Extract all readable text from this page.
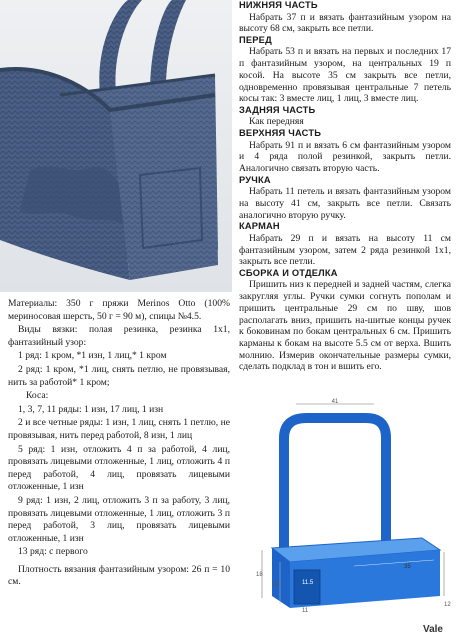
Материалы: 350 г пряжи Merinos Otto (100% мериносовая шерсть, 50 г = 90 м), спицы №4.5.

Виды вязки: полая резинка, резинка 1x1, фантазийный узор:

1 ряд: 1 кром, *1 изн, 1 лиц,* 1 кром

2 ряд: 1 кром, *1 лиц, снять петлю, не провязывая, нить за работой* 1 кром;

Коса:

1, 3, 7, 11 ряды: 1 изн, 17 лиц, 1 изн

2 и все четные ряды: 1 изн, 1 лиц, снять 1 петлю, не провязывая, нить перед работой, 8 изн, 1 лиц

5 ряд: 1 изн, отложить 4 п за работой, 4 лиц, провязать лицевыми отложенные, 1 лиц, отложить 4 п перед работой, 4 лиц, провязать лицевыми отложенные, 1 изн

9 ряд: 1 изн, 2 лиц, отложить 3 п за работу, 3 лиц, провязать лицевыми отложенные, 1 лиц, отложить 3 п перед работой, 3 лиц, провязать лицевыми отложенные, 1 изн

13 ряд: с первого

Плотность вязания фантазийным узором: 26 п = 10 см.

НИЖНЯЯ ЧАСТЬ

Набрать 37 п и вязать фантазийным узором на высоту 68 см, закрыть все петли.

ПЕРЕД

Набрать 53 п и вязать на первых и последних 17 п фантазийным узором, на центральных 19 п косой. На высоте 35 см закрыть все петли, одновременно провязывая центральные 7 петель косы так: 3 вместе лиц, 1 лиц, 3 вместе лиц.

ЗАДНЯЯ ЧАСТЬ

Как передняя

ВЕРХНЯЯ ЧАСТЬ

Набрать 91 п и вязать 6 см фантазийным узором и 4 ряда полой резинкой, закрыть петли. Аналогично связать вторую часть.

РУЧКА

Набрать 11 петель и вязать фантазийным узором на высоту 41 см, закрыть все петли. Связать аналогично вторую ручку.

КАРМАН

Набрать 29 п и вязать на высоту 11 см фантазийным узором, затем 2 ряда резинкой 1x1, закрыть все петли.

СБОРКА И ОТДЕЛКА

Пришить низ к передней и задней частям, слегка закругляя углы. Ручки сумки согнуть пополам и пришить центральные 29 см по шву, шов располагать вниз, пришить на-шитые концы ручек к боковинам по бокам центральных 6 см. Пришить карманы к бокам на высоте 5.5 см от верха. Вшить молнию. Измерив окончательные размеры сумки, сделать подклад в тон и вшить его.

41
18
14	11.5
11
35
12
Vale
